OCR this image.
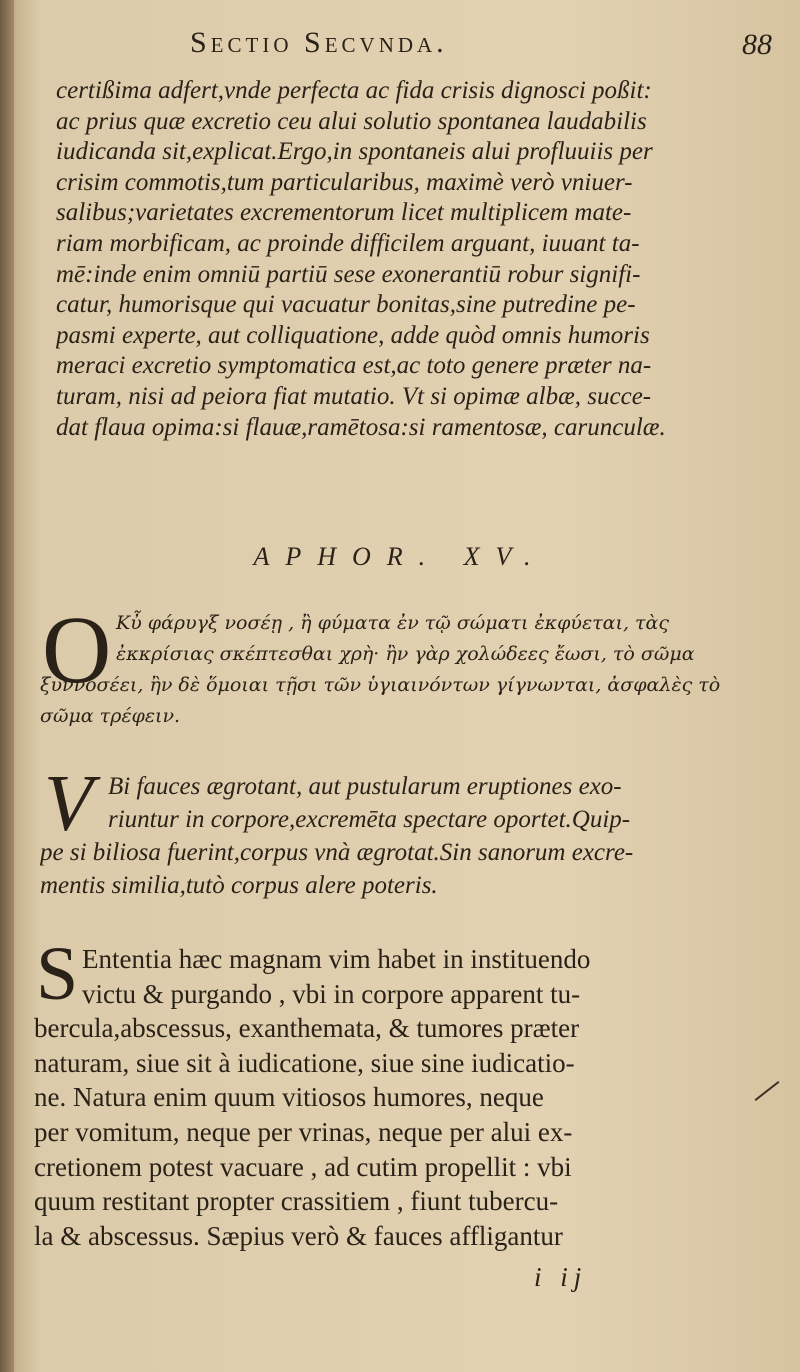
Sectio Secvnda.	88
certißima adfert,vnde perfecta ac fida crisis dignosci poßit:
ac prius quæ excretio ceu alui solutio spontanea laudabilis
iudicanda sit,explicat.Ergo,in spontaneis alui profluuiis per
crisim commotis,tum particularibus, maximè verò vniuer-
salibus;varietates excrementorum licet multiplicem mate-
riam morbificam, ac proinde difficilem arguant, iuuant ta-
mē:inde enim omniū partiū sese exonerantiū robur signifi-
catur, humorisque qui vacuatur bonitas,sine putredine pe-
pasmi experte, aut colliquatione, adde quòd omnis humoris
meraci excretio symptomatica est,ac toto genere præter na-
turam, nisi ad peiora fiat mutatio. Vt si opimæ albæ, succe-
dat flaua opima:si flauæ,ramētosa:si ramentosæ, carunculæ.
APHOR. XV.
O Κὖ φάρυγξ νοσέῃ , ἢ φύματα ἐν τῷ σώματι ἐκφύεται, τὰς
ἐκκρίσιας σκέπτεσθαι χρὴ· ἢν γὰρ χολώδεες ἔωσι, τὸ σῶμα
ξυννοσέει, ἢν δὲ ὅμοιαι τῇσι τῶν ὑγιαινόντων γίγνωνται, ἀσφαλὲς τὸ
σῶμα τρέφειν.
V Bi fauces ægrotant, aut pustularum eruptiones exo-
riuntur in corpore,excremēta spectare oportet.Quip-
pe si biliosa fuerint,corpus vnà ægrotat.Sin sanorum excre-
mentis similia,tutò corpus alere poteris.
S Ententia hæc magnam vim habet in instituendo
victu & purgando , vbi in corpore apparent tu-
bercula,abscessus, exanthemata, & tumores præter
naturam, siue sit à iudicatione, siue sine iudicatio-
ne. Natura enim quum vitiosos humores, neque
per vomitum, neque per vrinas, neque per alui ex-
cretionem potest vacuare , ad cutim propellit : vbi
quum restitant propter crassitiem , fiunt tubercu-
la & abscessus. Sæpius verò & fauces affligantur
i ij
